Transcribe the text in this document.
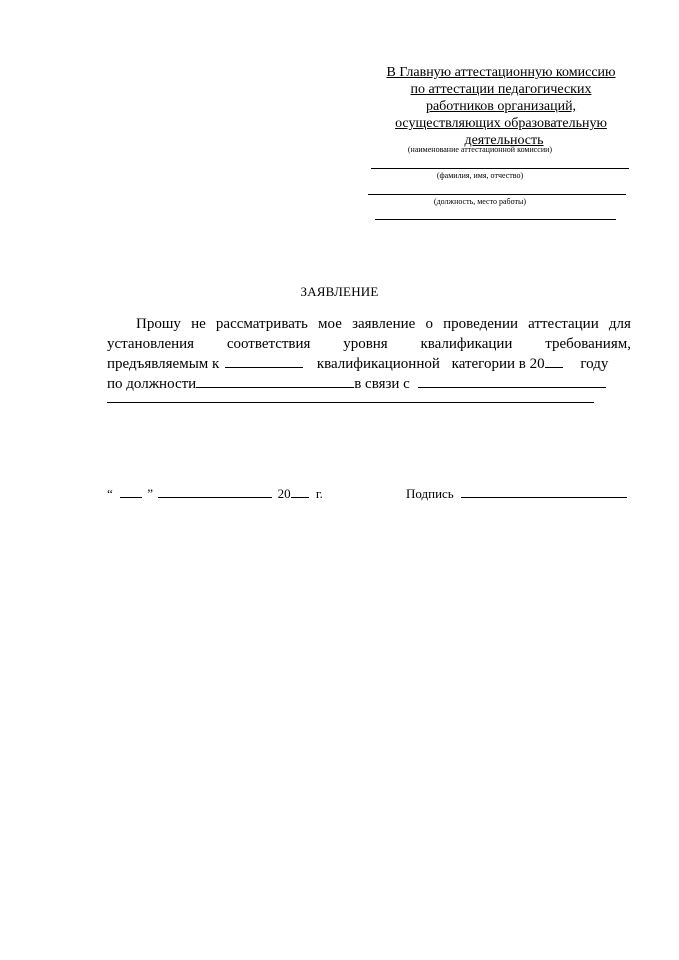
В Главную аттестационную комиссию
по аттестации педагогических
работников организаций,
осуществляющих образовательную
деятельность
(наименование аттестационной комиссии)
(фамилия, имя, отчество)
(должность, место работы)
ЗАЯВЛЕНИЕ
Прошу не рассматривать мое заявление о проведении аттестации для
установления соответствия уровня квалификации требованиям,
предъявляемым к	квалификационной категории в 20 году
по должности	в связи с
“	”	20 г.	Подпись
